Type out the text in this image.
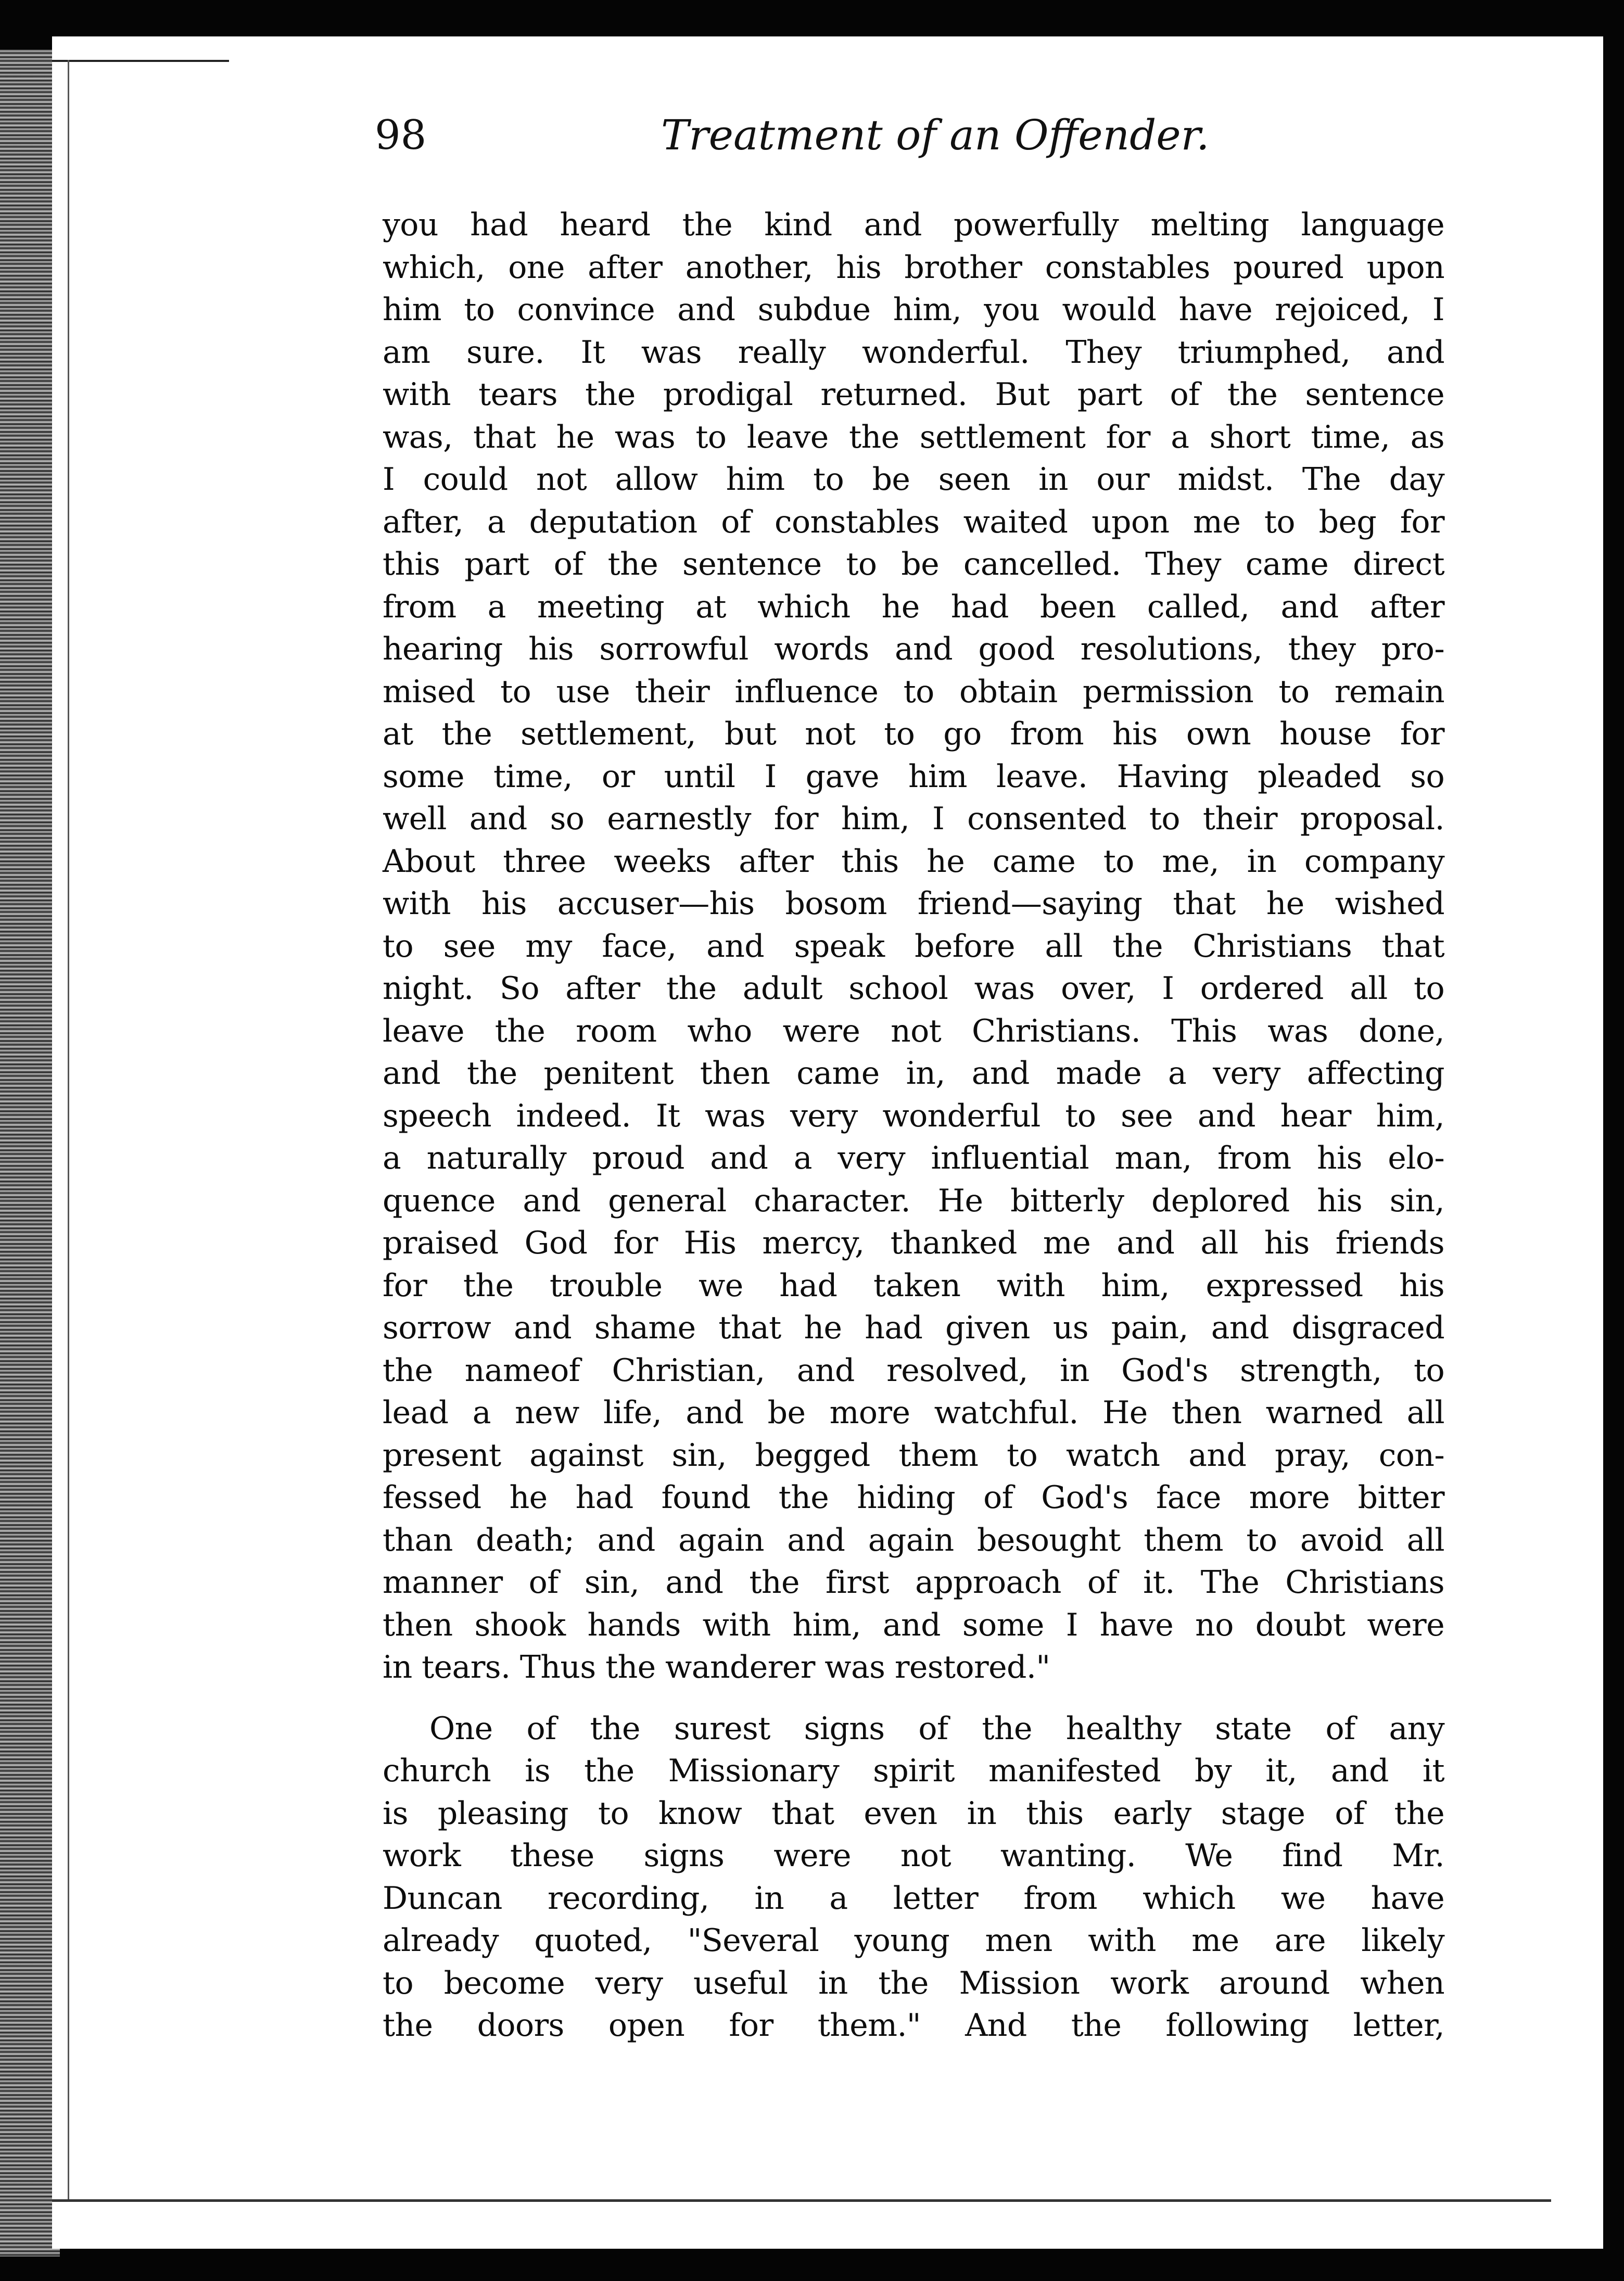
98	Treatment of an Offender.
you had heard the kind and powerfully melting language
which, one after another, his brother constables poured upon
him to convince and subdue him, you would have rejoiced, I
am sure. It was really wonderful. They triumphed, and
with tears the prodigal returned. But part of the sentence
was, that he was to leave the settlement for a short time, as
I could not allow him to be seen in our midst. The day
after, a deputation of constables waited upon me to beg for
this part of the sentence to be cancelled. They came direct
from a meeting at which he had been called, and after
hearing his sorrowful words and good resolutions, they pro-
mised to use their influence to obtain permission to remain
at the settlement, but not to go from his own house for
some time, or until I gave him leave. Having pleaded so
well and so earnestly for him, I consented to their proposal.
About three weeks after this he came to me, in company
with his accuser—his bosom friend—saying that he wished
to see my face, and speak before all the Christians that
night. So after the adult school was over, I ordered all to
leave the room who were not Christians. This was done,
and the penitent then came in, and made a very affecting
speech indeed. It was very wonderful to see and hear him,
a naturally proud and a very influential man, from his elo-
quence and general character. He bitterly deplored his sin,
praised God for His mercy, thanked me and all his friends
for the trouble we had taken with him, expressed his
sorrow and shame that he had given us pain, and disgraced
the nameof Christian, and resolved, in God's strength, to
lead a new life, and be more watchful. He then warned all
present against sin, begged them to watch and pray, con-
fessed he had found the hiding of God's face more bitter
than death; and again and again besought them to avoid all
manner of sin, and the first approach of it. The Christians
then shook hands with him, and some I have no doubt were
in tears. Thus the wanderer was restored."
One of the surest signs of the healthy state of any
church is the Missionary spirit manifested by it, and it
is pleasing to know that even in this early stage of the
work these signs were not wanting. We find Mr.
Duncan recording, in a letter from which we have
already quoted, "Several young men with me are likely
to become very useful in the Mission work around when
the doors open for them." And the following letter,
